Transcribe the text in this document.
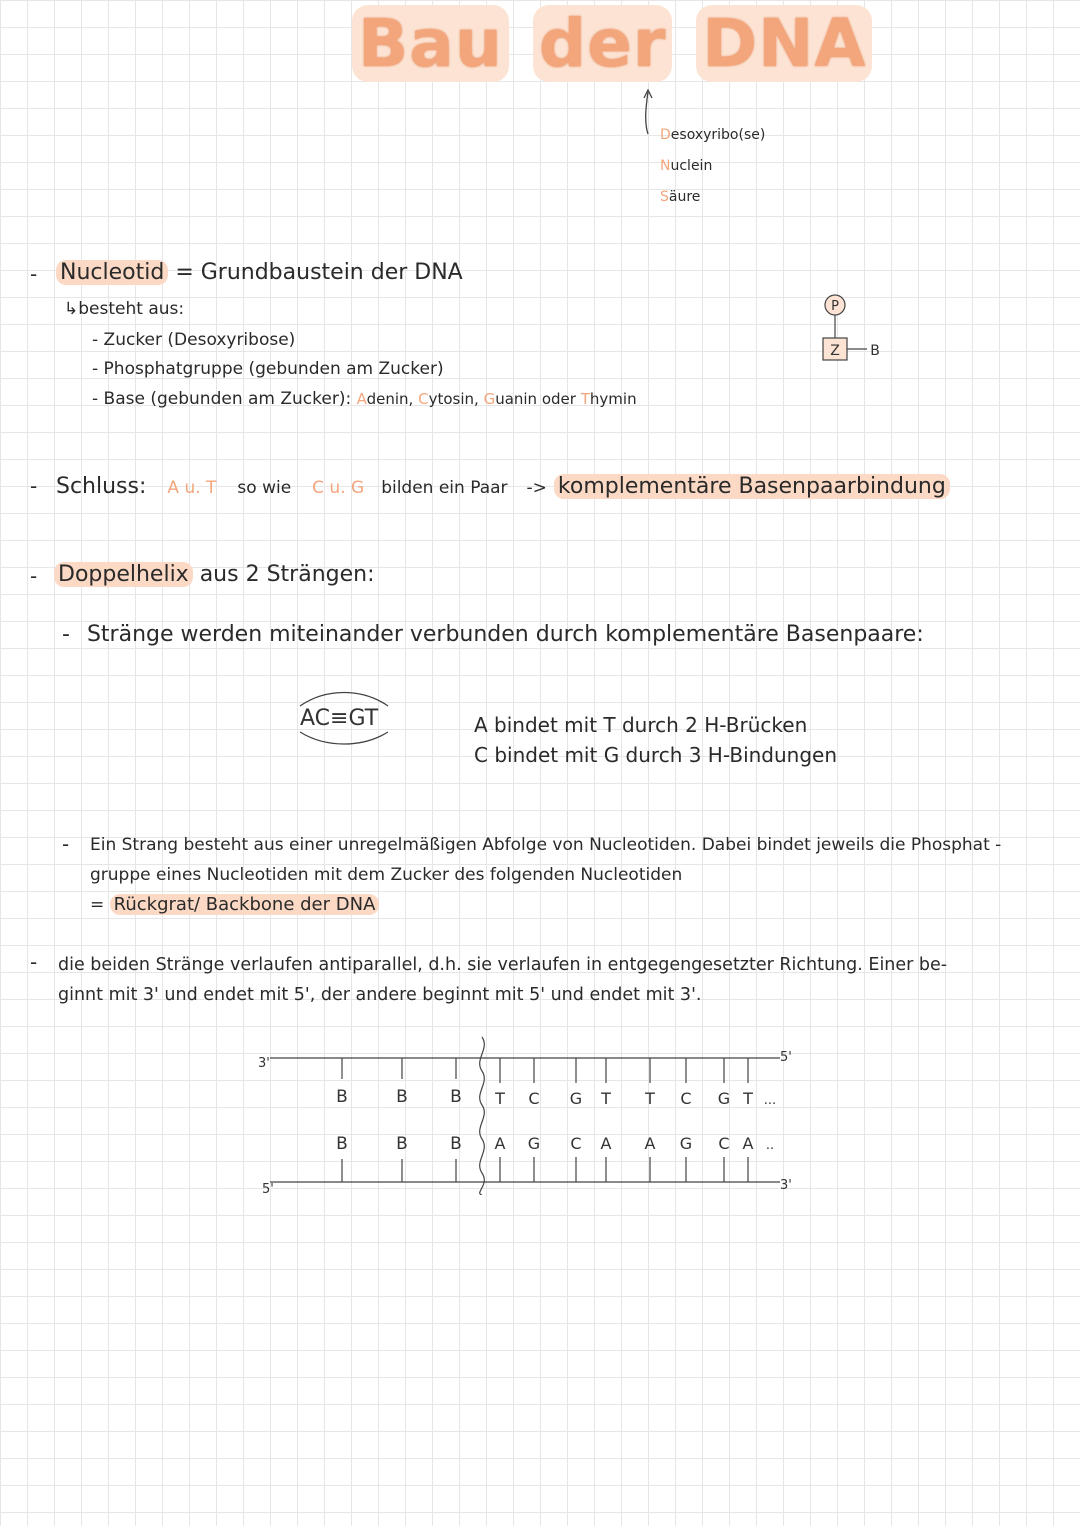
Bau der DNA
Desoxyribo(se)
Nuclein
Säure
- Nucleotid = Grundbaustein der DNA
↳besteht aus:
- Zucker (Desoxyribose)
- Phosphatgruppe (gebunden am Zucker)
- Base (gebunden am Zucker): Adenin, Cytosin, Guanin oder Thymin
P
Z B
- Schluss: A u. T so wie C u. G bilden ein Paar -> komplementäre Basenpaarbindung
- Doppelhelix aus 2 Strängen:
- Stränge werden miteinander verbunden durch komplementäre Basenpaare:
AC≡GT	A bindet mit T durch 2 H-Brücken
C bindet mit G durch 3 H-Bindungen
- Ein Strang besteht aus einer unregelmäßigen Abfolge von Nucleotiden. Dabei bindet jeweils die Phosphat -
gruppe eines Nucleotiden mit dem Zucker des folgenden Nucleotiden
= Rückgrat/ Backbone der DNA
- die beiden Stränge verlaufen antiparallel, d.h. sie verlaufen in entgegengesetzter Richtung. Einer be-
ginnt mit 3' und endet mit 5', der andere beginnt mit 5' und endet mit 3'.
3'	5'
5'	3'
B	B B
B	B B
T C G T T C G T ...
A G C A A G C A ..
